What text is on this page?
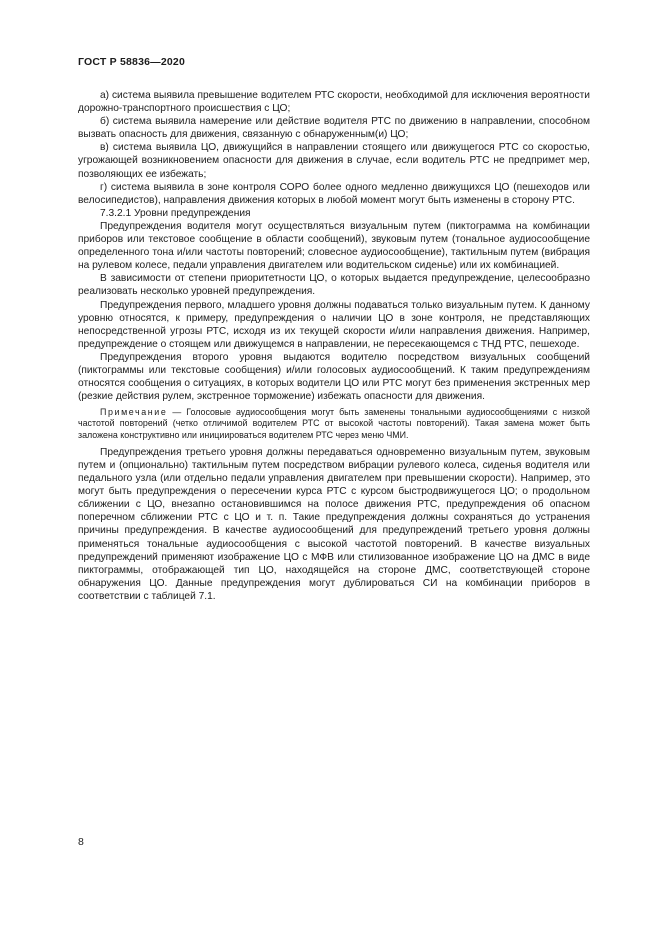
ГОСТ Р 58836—2020

а) система выявила превышение водителем РТС скорости, необходимой для исключения вероятности дорожно-транспортного происшествия с ЦО;

б) система выявила намерение или действие водителя РТС по движению в направлении, способном вызвать опасность для движения, связанную с обнаруженным(и) ЦО;

в) система выявила ЦО, движущийся в направлении стоящего или движущегося РТС со скоростью, угрожающей возникновением опасности для движения в случае, если водитель РТС не предпримет мер, позволяющих ее избежать;

г) система выявила в зоне контроля СОРО более одного медленно движущихся ЦО (пешеходов или велосипедистов), направления движения которых в любой момент могут быть изменены в сторону РТС.

7.3.2.1 Уровни предупреждения

Предупреждения водителя могут осуществляться визуальным путем (пиктограмма на комбинации приборов или текстовое сообщение в области сообщений), звуковым путем (тональное аудиосообщение определенного тона и/или частоты повторений; словесное аудиосообщение), тактильным путем (вибрация на рулевом колесе, педали управления двигателем или водительском сиденье) или их комбинацией.

В зависимости от степени приоритетности ЦО, о которых выдается предупреждение, целесообразно реализовать несколько уровней предупреждения.

Предупреждения первого, младшего уровня должны подаваться только визуальным путем. К данному уровню относятся, к примеру, предупреждения о наличии ЦО в зоне контроля, не представляющих непосредственной угрозы РТС, исходя из их текущей скорости и/или направления движения. Например, предупреждение о стоящем или движущемся в направлении, не пересекающемся с ТНД РТС, пешеходе.

Предупреждения второго уровня выдаются водителю посредством визуальных сообщений (пиктограммы или текстовые сообщения) и/или голосовых аудиосообщений. К таким предупреждениям относятся сообщения о ситуациях, в которых водители ЦО или РТС могут без применения экстренных мер (резкие действия рулем, экстренное торможение) избежать опасности для движения.

Примечание — Голосовые аудиосообщения могут быть заменены тональными аудиосообщениями с низкой частотой повторений (четко отличимой водителем РТС от высокой частоты повторений). Такая замена может быть заложена конструктивно или инициироваться водителем РТС через меню ЧМИ.

Предупреждения третьего уровня должны передаваться одновременно визуальным путем, звуковым путем и (опционально) тактильным путем посредством вибрации рулевого колеса, сиденья водителя или педального узла (или отдельно педали управления двигателем при превышении скорости). Например, это могут быть предупреждения о пересечении курса РТС с курсом быстродвижущегося ЦО; о продольном сближении с ЦО, внезапно остановившимся на полосе движения РТС, предупреждения об опасном поперечном сближении РТС с ЦО и т. п. Такие предупреждения должны сохраняться до устранения причины предупреждения. В качестве аудиосообщений для предупреждений третьего уровня должны применяться тональные аудиосообщения с высокой частотой повторений. В качестве визуальных предупреждений применяют изображение ЦО с МФВ или стилизованное изображение ЦО на ДМС в виде пиктограммы, отображающей тип ЦО, находящейся на стороне ДМС, соответствующей стороне обнаружения ЦО. Данные предупреждения могут дублироваться СИ на комбинации приборов в соответствии с таблицей 7.1.

8
